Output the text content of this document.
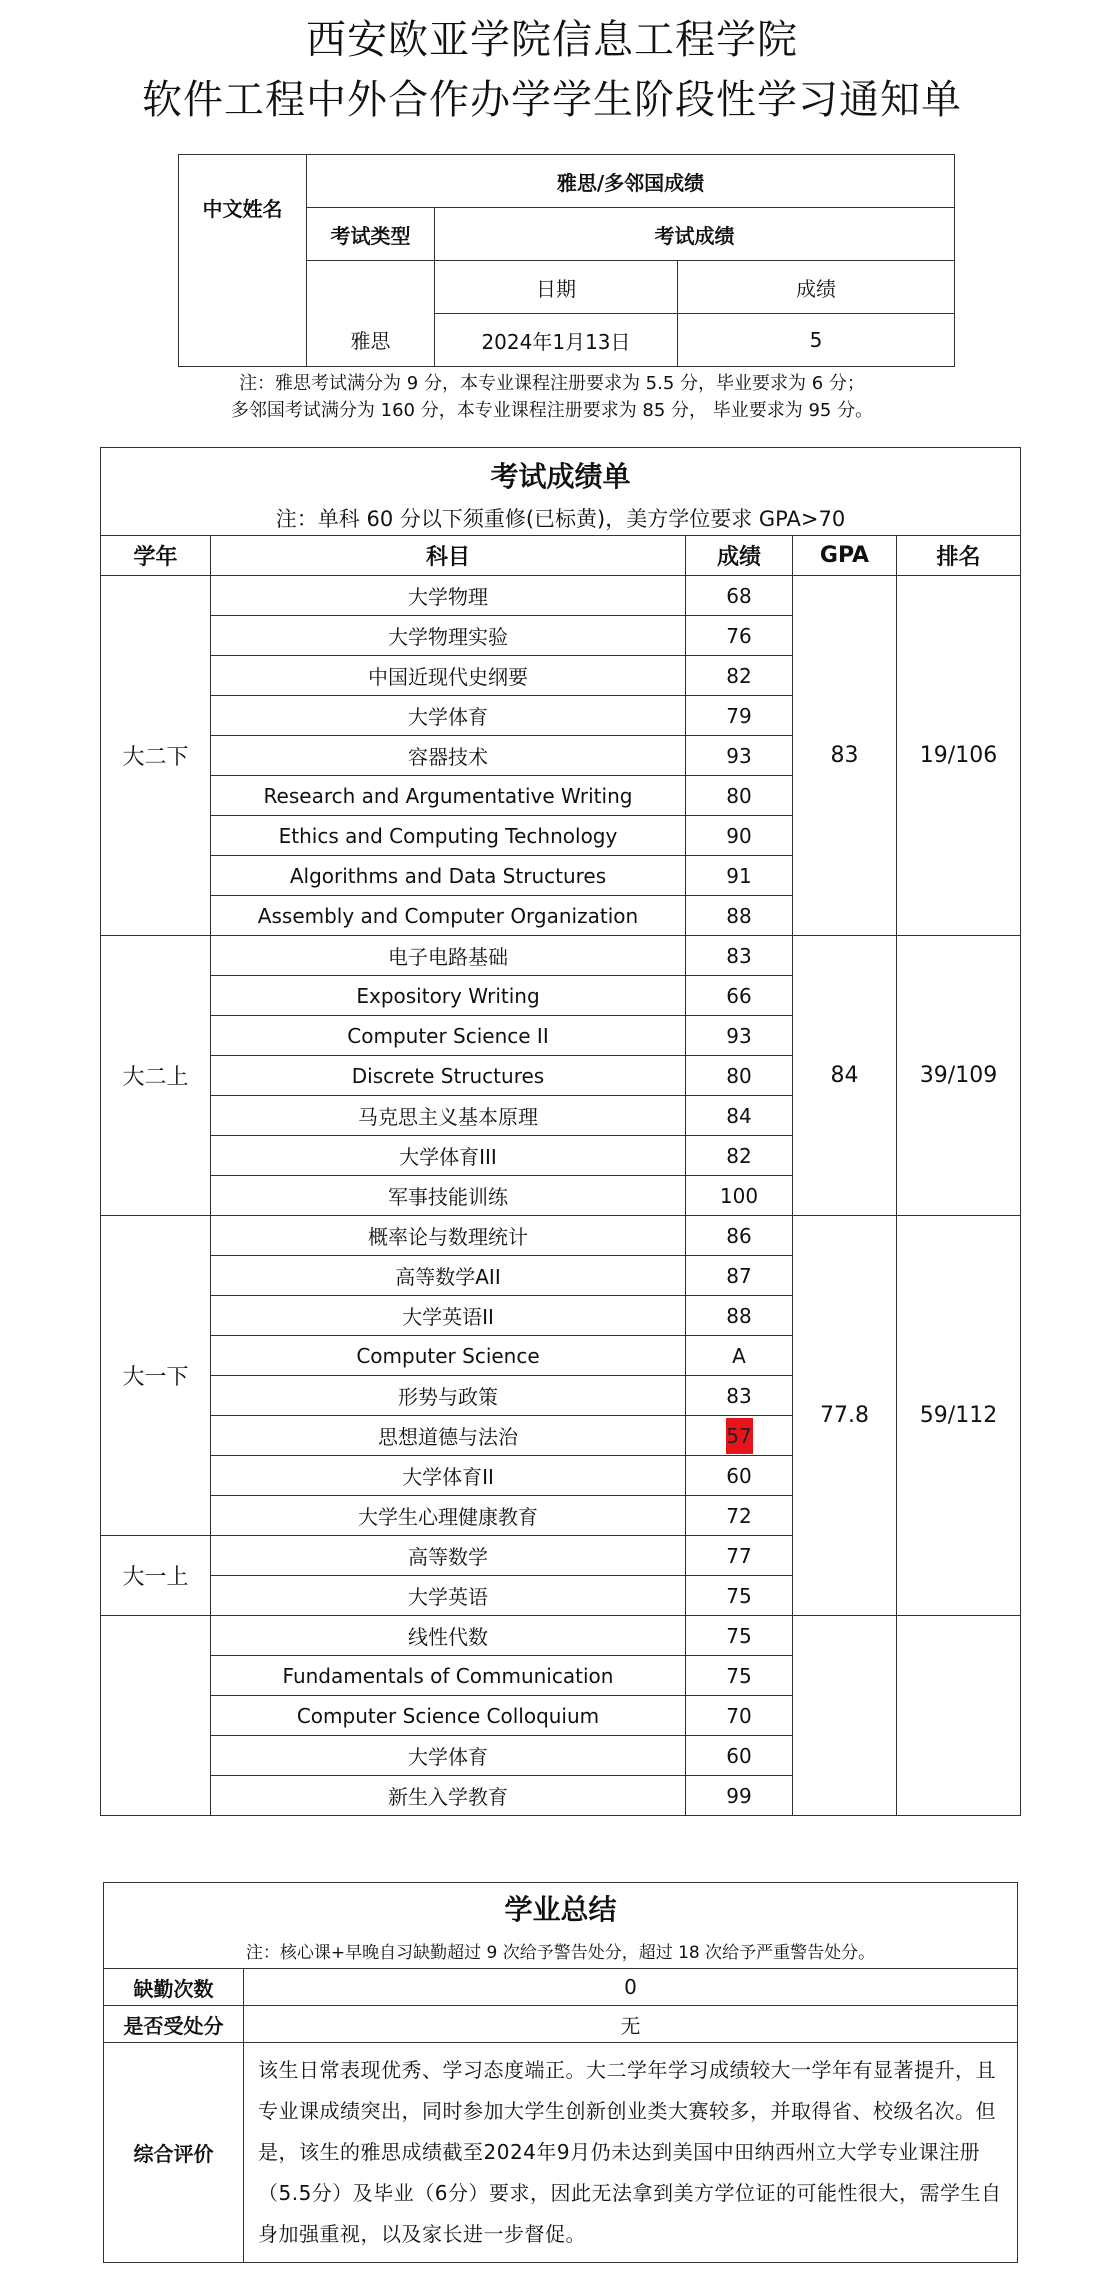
西安欧亚学院信息工程学院
软件工程中外合作办学学生阶段性学习通知单
中文姓名	雅思/多邻国成绩		
	考试类型	考试成绩	
		日期	成绩
	雅思	2024年1月13日	5
注：雅思考试满分为 9 分，本专业课程注册要求为 5.5 分，毕业要求为 6 分；
多邻国考试满分为 160 分，本专业课程注册要求为 85 分， 毕业要求为 95 分。
考试成绩单				
注：单科 60 分以下须重修(已标黄)，美方学位要求 GPA>70				
学年	科目	成绩	GPA	排名
大二下	大学物理	68	83	19/106
	大学物理实验	76		
	中国近现代史纲要	82		
	大学体育	79		
	容器技术	93		
	Research and Argumentative Writing	80		
	Ethics and Computing Technology	90		
	Algorithms and Data Structures	91		
	Assembly and Computer Organization	88		
大二上	电子电路基础	83	84	39/109
	Expository Writing	66		
	Computer Science II	93		
	Discrete Structures	80		
	马克思主义基本原理	84		
	大学体育III	82		
	军事技能训练	100		
大一下	概率论与数理统计	86	77.8	59/112
	高等数学AII	87		
	大学英语II	88		
	Computer Science	A		
	形势与政策	83		
	思想道德与法治	57		
	大学体育II	60		
	大学生心理健康教育	72		
大一上	高等数学	77		
	大学英语	75		
	线性代数	75		
	Fundamentals of Communication	75		
	Computer Science Colloquium	70		
	大学体育	60		
	新生入学教育	99		
学业总结	
注：核心课+早晚自习缺勤超过 9 次给予警告处分，超过 18 次给予严重警告处分。	
缺勤次数	0
是否受处分	无
综合评价	该生日常表现优秀、学习态度端正。大二学年学习成绩较大一学年有显著提升，且专业课成绩突出，同时参加大学生创新创业类大赛较多，并取得省、校级名次。但是，该生的雅思成绩截至2024年9月仍未达到美国中田纳西州立大学专业课注册（5.5分）及毕业（6分）要求，因此无法拿到美方学位证的可能性很大，需学生自身加强重视，以及家长进一步督促。
